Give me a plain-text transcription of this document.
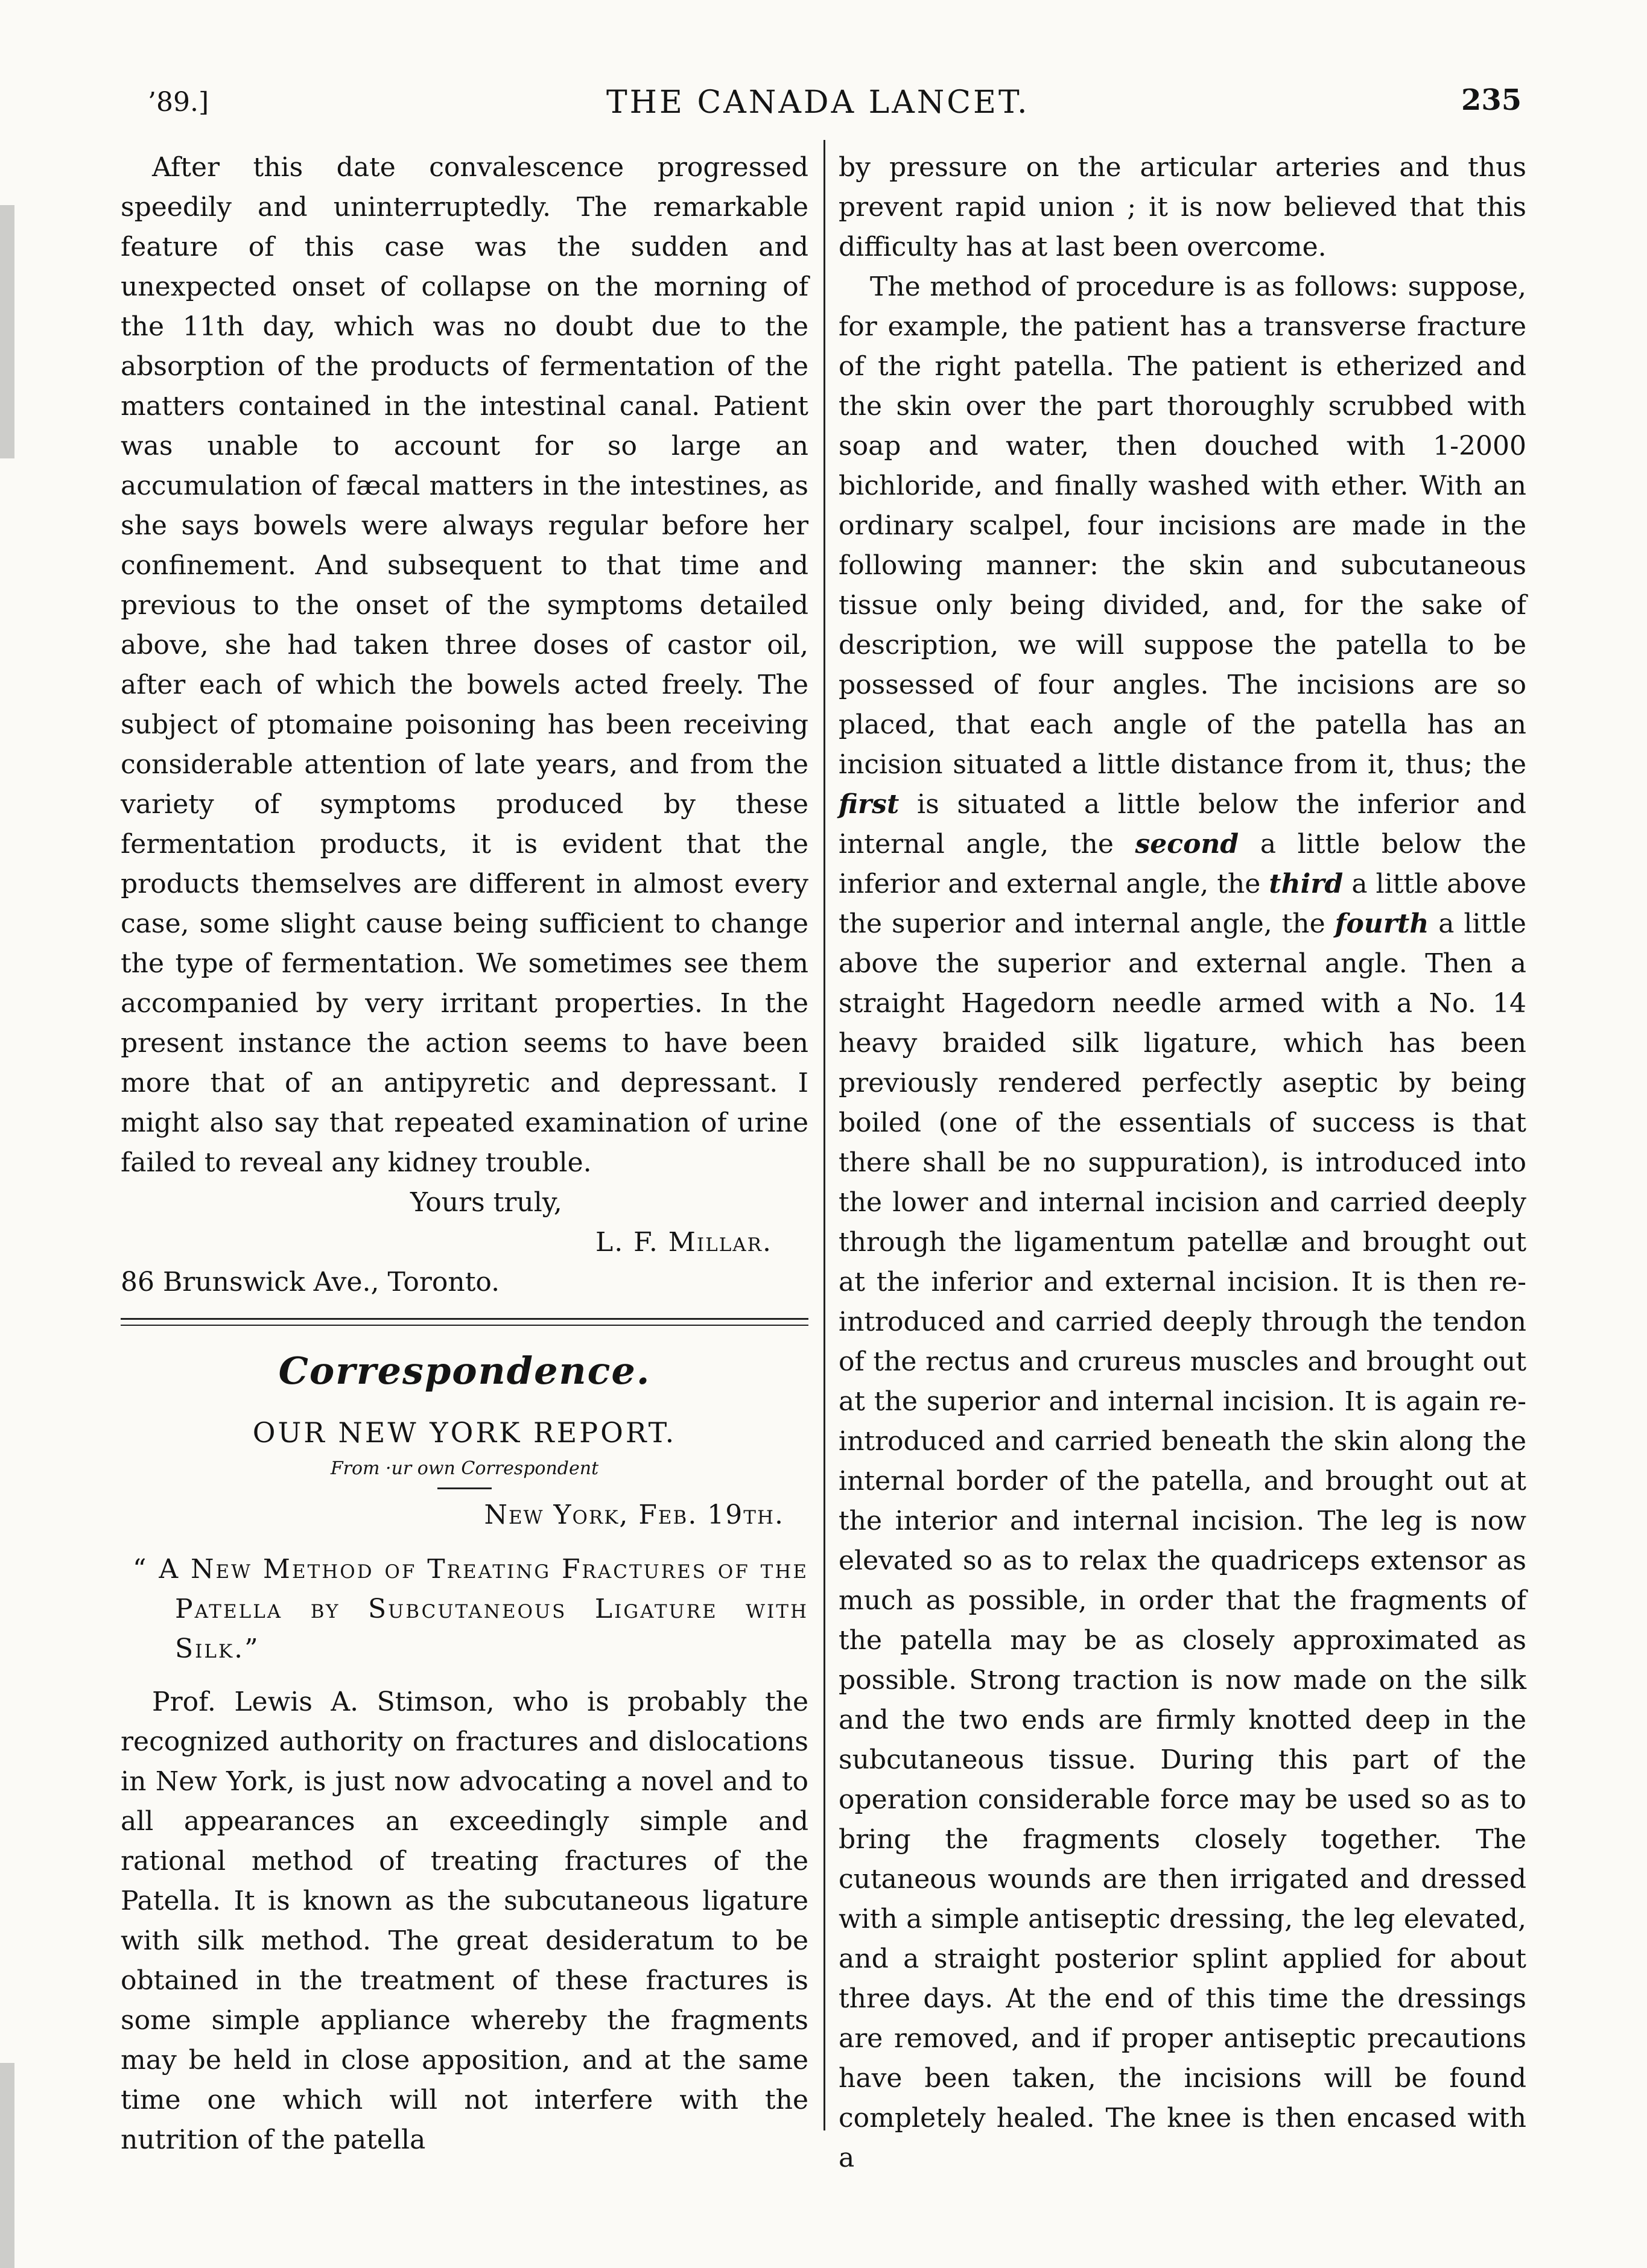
’89.]	THE CANADA LANCET.	235

After this date convalescence progressed speedily and uninterruptedly. The remarkable feature of this case was the sudden and unexpected onset of collapse on the morning of the 11th day, which was no doubt due to the absorption of the products of fermentation of the matters contained in the intestinal canal. Patient was unable to account for so large an accumulation of fæcal matters in the intestines, as she says bowels were always regular before her confinement. And subsequent to that time and previous to the onset of the symptoms detailed above, she had taken three doses of castor oil, after each of which the bowels acted freely. The subject of ptomaine poisoning has been receiving considerable attention of late years, and from the variety of symptoms produced by these fermentation products, it is evident that the products themselves are different in almost every case, some slight cause being sufficient to change the type of fermentation. We sometimes see them accompanied by very irritant properties. In the present instance the action seems to have been more that of an antipyretic and depressant. I might also say that repeated examination of urine failed to reveal any kidney trouble.

Yours truly,

L. F. Millar.

86 Brunswick Ave., Toronto.

Correspondence.

OUR NEW YORK REPORT.

From ·ur own Correspondent

New York, Feb. 19th.

“ A New Method of Treating Fractures of the Patella by Subcutaneous Ligature with Silk.”

Prof. Lewis A. Stimson, who is probably the recognized authority on fractures and dislocations in New York, is just now advocating a novel and to all appearances an exceedingly simple and rational method of treating fractures of the Patella. It is known as the subcutaneous ligature with silk method. The great desideratum to be obtained in the treatment of these fractures is some simple appliance whereby the fragments may be held in close apposition, and at the same time one which will not interfere with the nutrition of the patella

by pressure on the articular arteries and thus prevent rapid union ; it is now believed that this difficulty has at last been overcome.

The method of procedure is as follows: suppose, for example, the patient has a transverse fracture of the right patella. The patient is etherized and the skin over the part thoroughly scrubbed with soap and water, then douched with 1-2000 bichloride, and finally washed with ether. With an ordinary scalpel, four incisions are made in the following manner: the skin and subcutaneous tissue only being divided, and, for the sake of description, we will suppose the patella to be possessed of four angles. The incisions are so placed, that each angle of the patella has an incision situated a little distance from it, thus; the first is situated a little below the inferior and internal angle, the second a little below the inferior and external angle, the third a little above the superior and internal angle, the fourth a little above the superior and external angle. Then a straight Hagedorn needle armed with a No. 14 heavy braided silk ligature, which has been previously rendered perfectly aseptic by being boiled (one of the essentials of success is that there shall be no suppuration), is introduced into the lower and internal incision and carried deeply through the ligamentum patellæ and brought out at the inferior and external incision. It is then re-introduced and carried deeply through the tendon of the rectus and crureus muscles and brought out at the superior and internal incision. It is again re-introduced and carried beneath the skin along the internal border of the patella, and brought out at the interior and internal incision. The leg is now elevated so as to relax the quadriceps extensor as much as possible, in order that the fragments of the patella may be as closely approximated as possible. Strong traction is now made on the silk and the two ends are firmly knotted deep in the subcutaneous tissue. During this part of the operation considerable force may be used so as to bring the fragments closely together. The cutaneous wounds are then irrigated and dressed with a simple antiseptic dressing, the leg elevated, and a straight posterior splint applied for about three days. At the end of this time the dressings are removed, and if proper antiseptic precautions have been taken, the incisions will be found completely healed. The knee is then encased with a
